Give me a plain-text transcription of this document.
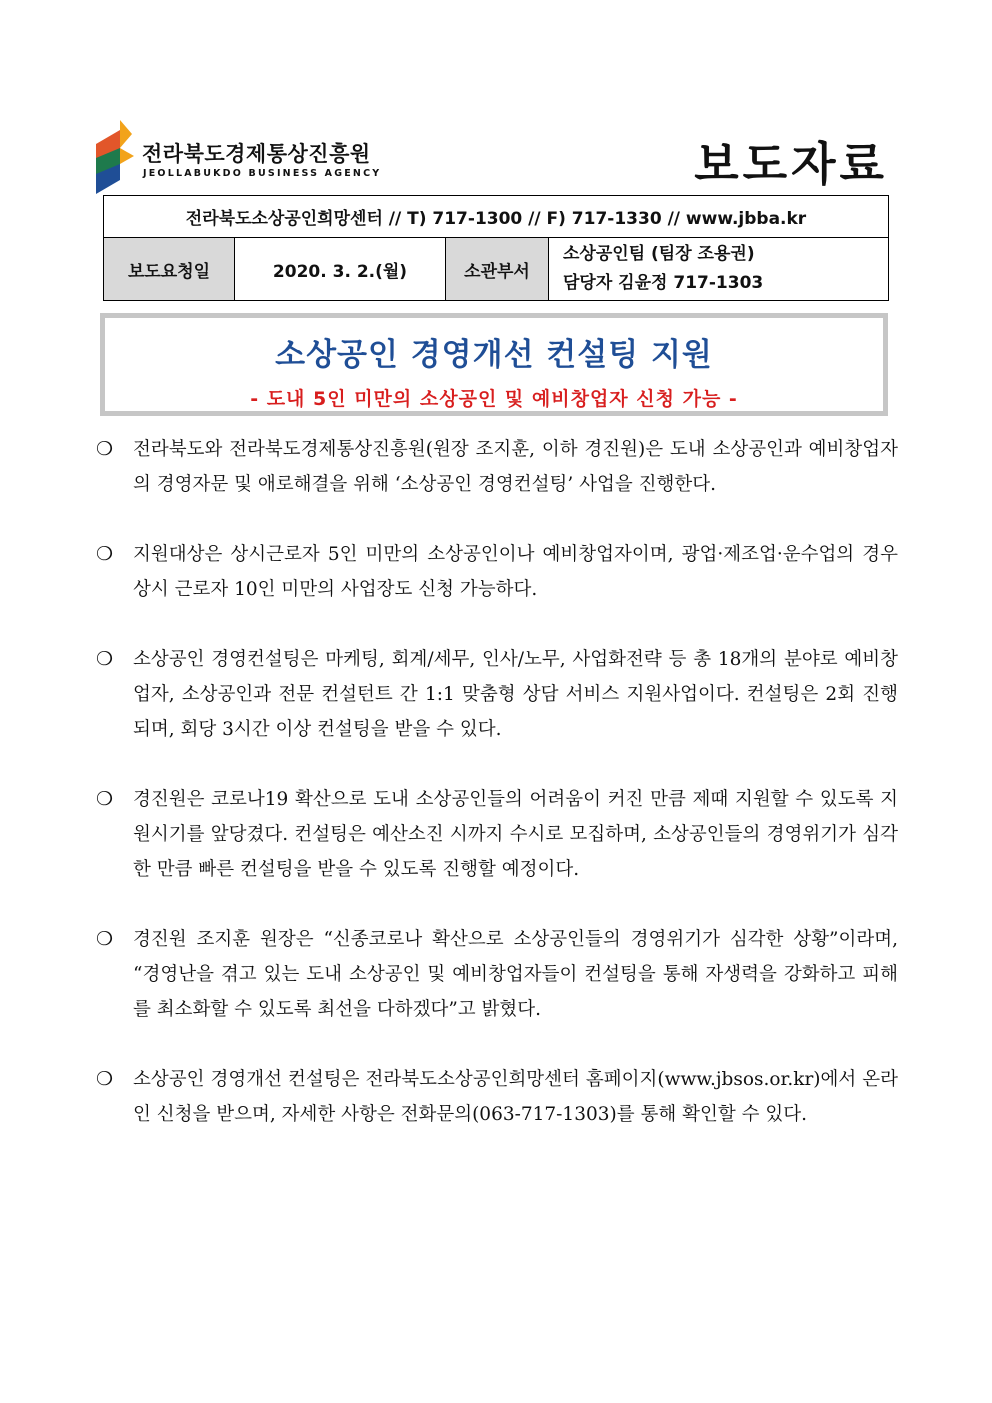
전라북도경제통상진흥원
JEOLLABUKDO BUSINESS AGENCY	보도자료
전라북도소상공인희망센터 // T) 717-1300 // F) 717-1330 // www.jbba.kr
보도요청일	2020. 3. 2.(월)	소관부서	
소상공인팀 (팀장 조용권)
담당자 김윤정 717-1303
소상공인 경영개선 컨설팅 지원
- 도내 5인 미만의 소상공인 및 예비창업자 신청 가능 -
❍	전라북도와 전라북도경제통상진흥원(원장 조지훈, 이하 경진원)은 도내 소상공인과 예비창업자의 경영자문 및 애로해결을 위해 ‘소상공인 경영컨설팅’ 사업을 진행한다.
❍	지원대상은 상시근로자 5인 미만의 소상공인이나 예비창업자이며, 광업·제조업·운수업의 경우 상시 근로자 10인 미만의 사업장도 신청 가능하다.
❍	소상공인 경영컨설팅은 마케팅, 회계/세무, 인사/노무, 사업화전략 등 총 18개의 분야로 예비창업자, 소상공인과 전문 컨설턴트 간 1:1 맞춤형 상담 서비스 지원사업이다. 컨설팅은 2회 진행되며, 회당 3시간 이상 컨설팅을 받을 수 있다.
❍	경진원은 코로나19 확산으로 도내 소상공인들의 어려움이 커진 만큼 제때 지원할 수 있도록 지원시기를 앞당겼다. 컨설팅은 예산소진 시까지 수시로 모집하며, 소상공인들의 경영위기가 심각한 만큼 빠른 컨설팅을 받을 수 있도록 진행할 예정이다.
❍	경진원 조지훈 원장은 “신종코로나 확산으로 소상공인들의 경영위기가 심각한 상황”이라며, “경영난을 겪고 있는 도내 소상공인 및 예비창업자들이 컨설팅을 통해 자생력을 강화하고 피해를 최소화할 수 있도록 최선을 다하겠다”고 밝혔다.
❍	소상공인 경영개선 컨설팅은 전라북도소상공인희망센터 홈페이지(www.jbsos.or.kr)에서 온라인 신청을 받으며, 자세한 사항은 전화문의(063-717-1303)를 통해 확인할 수 있다.
